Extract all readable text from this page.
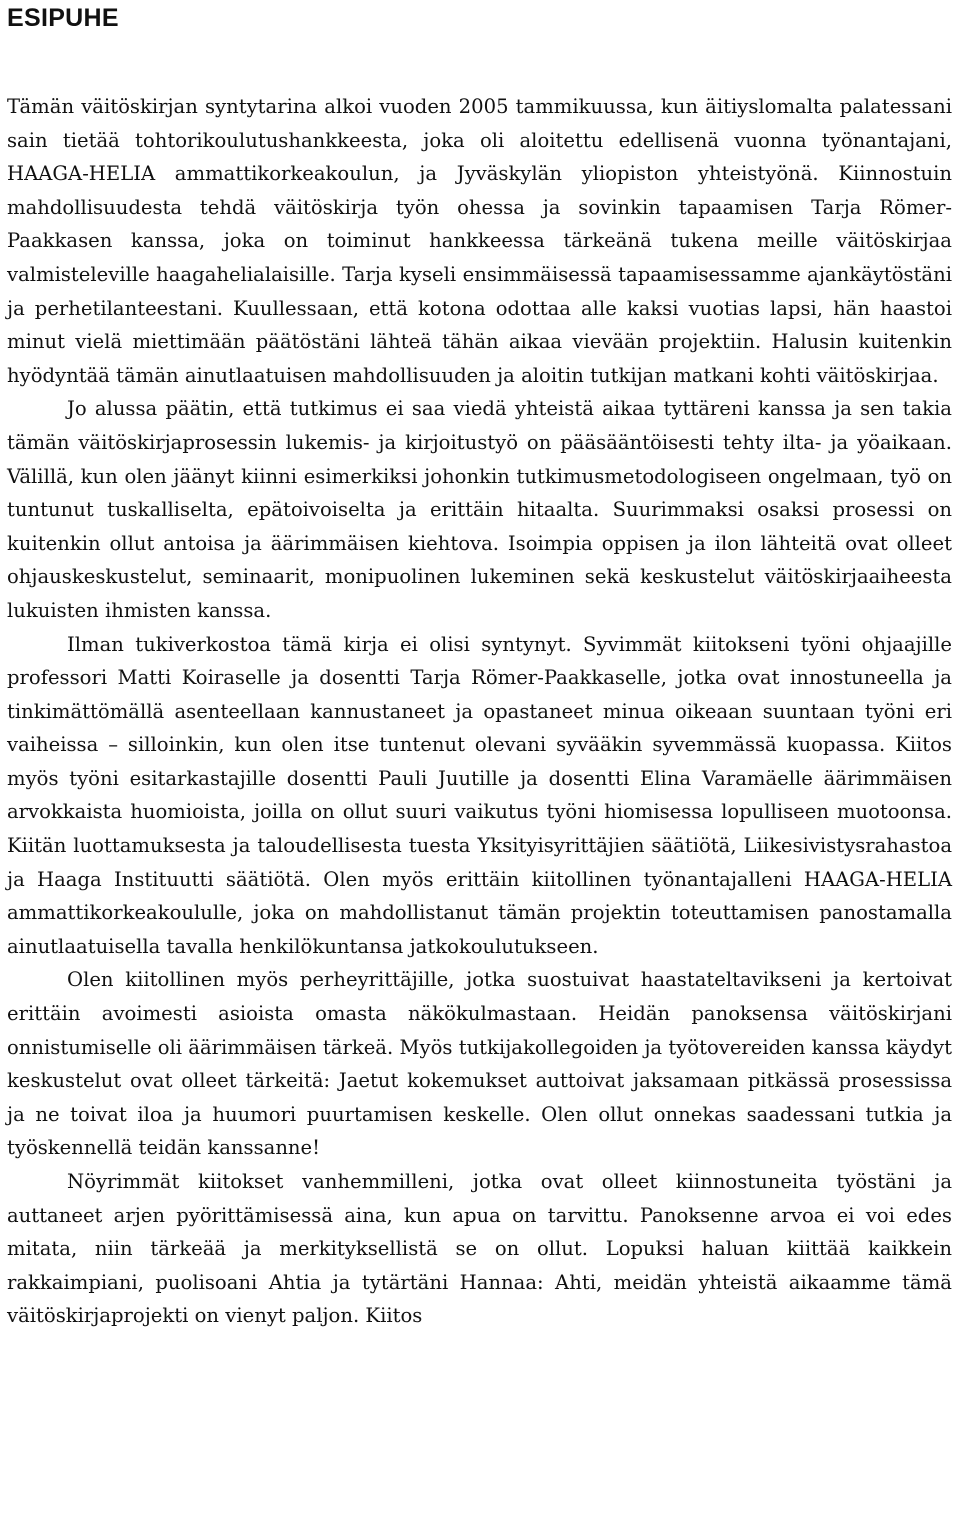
ESIPUHE

Tämän väitöskirjan syntytarina alkoi vuoden 2005 tammikuussa, kun äitiyslomalta palatessani sain tietää tohtorikoulutushankkeesta, joka oli aloitettu edellisenä vuonna työnantajani, HAAGA-HELIA ammattikorkeakoulun, ja Jyväskylän yliopiston yhteistyönä. Kiinnostuin mahdollisuudesta tehdä väitöskirja työn ohessa ja sovinkin tapaamisen Tarja Römer-Paakkasen kanssa, joka on toiminut hankkeessa tärkeänä tukena meille väitöskirjaa valmisteleville haagahelialaisille. Tarja kyseli ensimmäisessä tapaamisessamme ajankäytöstäni ja perhetilanteestani. Kuullessaan, että kotona odottaa alle kaksi vuotias lapsi, hän haastoi minut vielä miettimään päätöstäni lähteä tähän aikaa vievään projektiin. Halusin kuitenkin hyödyntää tämän ainutlaatuisen mahdollisuuden ja aloitin tutkijan matkani kohti väitöskirjaa.

Jo alussa päätin, että tutkimus ei saa viedä yhteistä aikaa tyttäreni kanssa ja sen takia tämän väitöskirjaprosessin lukemis- ja kirjoitustyö on pääsääntöisesti tehty ilta- ja yöaikaan. Välillä, kun olen jäänyt kiinni esimerkiksi johonkin tutkimusmetodologiseen ongelmaan, työ on tuntunut tuskalliselta, epätoivoiselta ja erittäin hitaalta. Suurimmaksi osaksi prosessi on kuitenkin ollut antoisa ja äärimmäisen kiehtova. Isoimpia oppisen ja ilon lähteitä ovat olleet ohjauskeskustelut, seminaarit, monipuolinen lukeminen sekä keskustelut väitöskirjaaiheesta lukuisten ihmisten kanssa.

Ilman tukiverkostoa tämä kirja ei olisi syntynyt. Syvimmät kiitokseni työni ohjaajille professori Matti Koiraselle ja dosentti Tarja Römer-Paakkaselle, jotka ovat innostuneella ja tinkimättömällä asenteellaan kannustaneet ja opastaneet minua oikeaan suuntaan työni eri vaiheissa – silloinkin, kun olen itse tuntenut olevani syvääkin syvemmässä kuopassa. Kiitos myös työni esitarkastajille dosentti Pauli Juutille ja dosentti Elina Varamäelle äärimmäisen arvokkaista huomioista, joilla on ollut suuri vaikutus työni hiomisessa lopulliseen muotoonsa. Kiitän luottamuksesta ja taloudellisesta tuesta Yksityisyrittäjien säätiötä, Liikesivistysrahastoa ja Haaga Instituutti säätiötä. Olen myös erittäin kiitollinen työnantajalleni HAAGA-HELIA ammattikorkeakoululle, joka on mahdollistanut tämän projektin toteuttamisen panostamalla ainutlaatuisella tavalla henkilökuntansa jatkokoulutukseen.

Olen kiitollinen myös perheyrittäjille, jotka suostuivat haastateltavikseni ja kertoivat erittäin avoimesti asioista omasta näkökulmastaan. Heidän panoksensa väitöskirjani onnistumiselle oli äärimmäisen tärkeä. Myös tutkijakollegoiden ja työtovereiden kanssa käydyt keskustelut ovat olleet tärkeitä: Jaetut kokemukset auttoivat jaksamaan pitkässä prosessissa ja ne toivat iloa ja huumori puurtamisen keskelle. Olen ollut onnekas saadessani tutkia ja työskennellä teidän kanssanne!

Nöyrimmät kiitokset vanhemmilleni, jotka ovat olleet kiinnostuneita työstäni ja auttaneet arjen pyörittämisessä aina, kun apua on tarvittu. Panoksenne arvoa ei voi edes mitata, niin tärkeää ja merkityksellistä se on ollut. Lopuksi haluan kiittää kaikkein rakkaimpiani, puolisoani Ahtia ja tytärtäni Hannaa: Ahti, meidän yhteistä aikaamme tämä väitöskirjaprojekti on vienyt paljon. Kiitos
